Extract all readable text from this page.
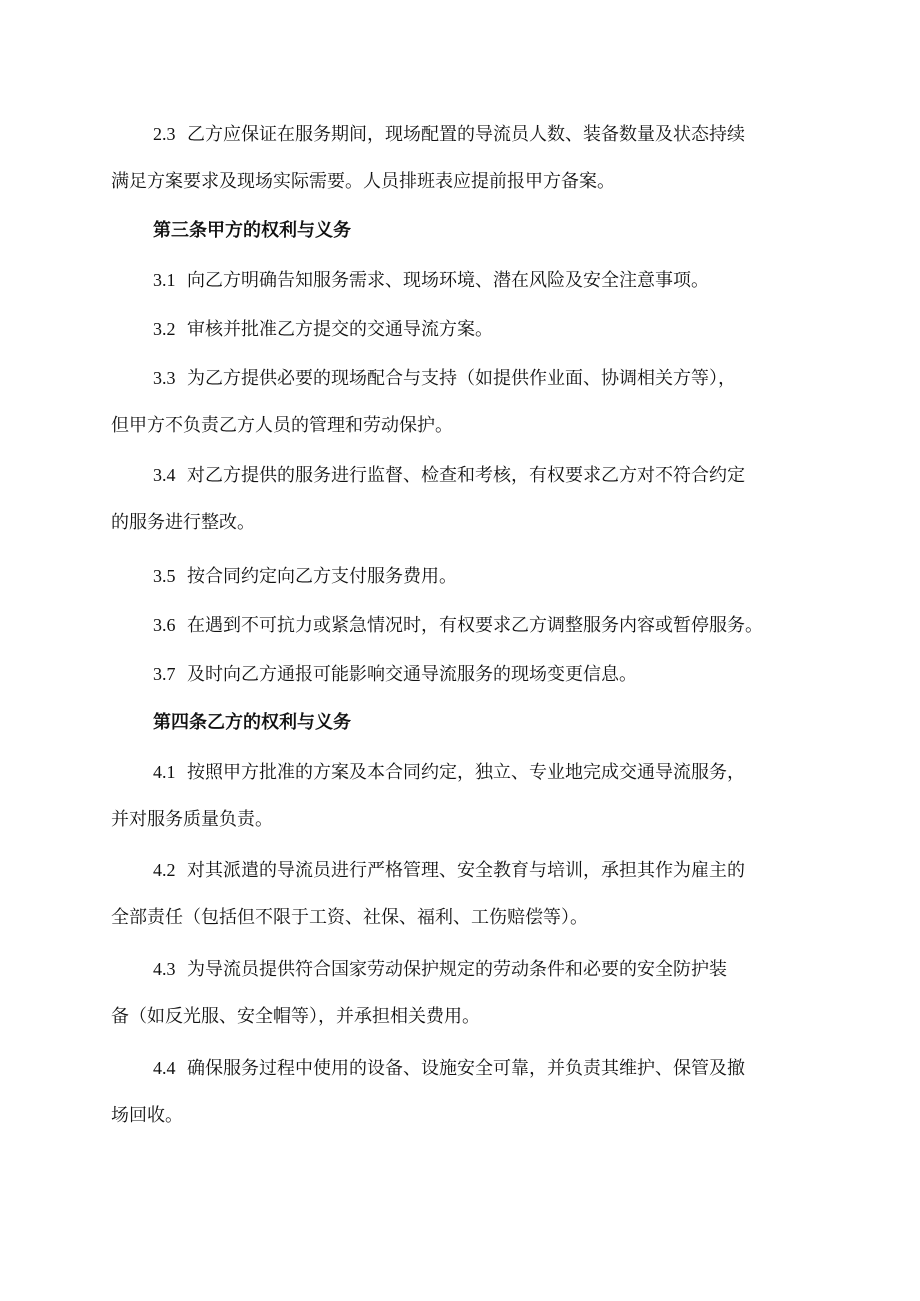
2.3 乙方应保证在服务期间，现场配置的导流员人数、装备数量及状态持续
满足方案要求及现场实际需要。人员排班表应提前报甲方备案。
第三条甲方的权利与义务
3.1 向乙方明确告知服务需求、现场环境、潜在风险及安全注意事项。
3.2 审核并批准乙方提交的交通导流方案。
3.3 为乙方提供必要的现场配合与支持（如提供作业面、协调相关方等），
但甲方不负责乙方人员的管理和劳动保护。
3.4 对乙方提供的服务进行监督、检查和考核，有权要求乙方对不符合约定
的服务进行整改。
3.5 按合同约定向乙方支付服务费用。
3.6 在遇到不可抗力或紧急情况时，有权要求乙方调整服务内容或暂停服务。
3.7 及时向乙方通报可能影响交通导流服务的现场变更信息。
第四条乙方的权利与义务
4.1 按照甲方批准的方案及本合同约定，独立、专业地完成交通导流服务，
并对服务质量负责。
4.2 对其派遣的导流员进行严格管理、安全教育与培训，承担其作为雇主的
全部责任（包括但不限于工资、社保、福利、工伤赔偿等）。
4.3 为导流员提供符合国家劳动保护规定的劳动条件和必要的安全防护装
备（如反光服、安全帽等），并承担相关费用。
4.4 确保服务过程中使用的设备、设施安全可靠，并负责其维护、保管及撤
场回收。
